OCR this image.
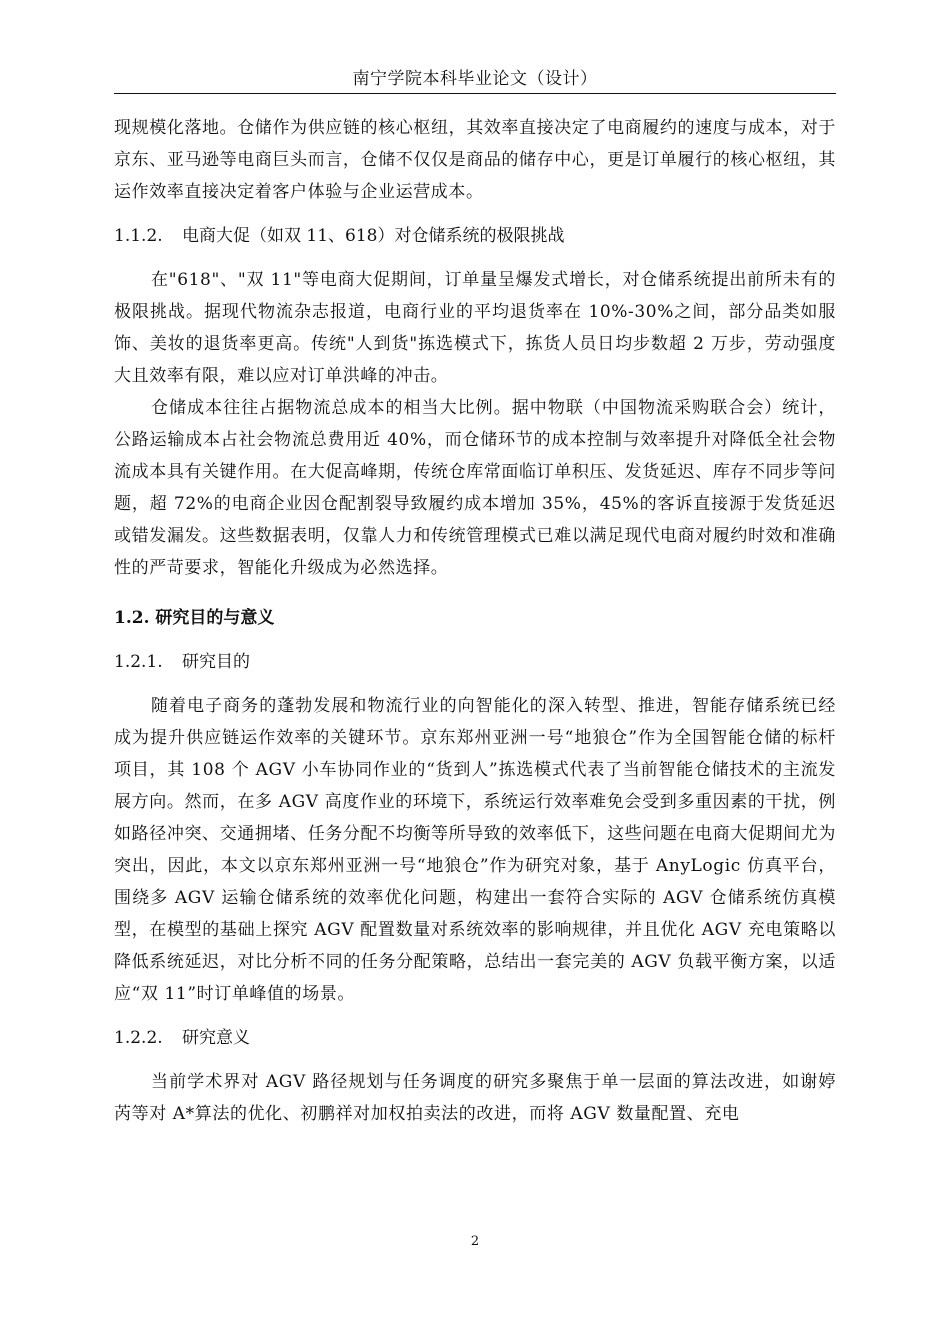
南宁学院本科毕业论文（设计）

现规模化落地。仓储作为供应链的核心枢纽，其效率直接决定了电商履约的速度与成本，对于京东、亚马逊等电商巨头而言，仓储不仅仅是商品的储存中心，更是订单履行的核心枢纽，其运作效率直接决定着客户体验与企业运营成本。

1.1.2.	电商大促（如双 11、618）对仓储系统的极限挑战

在"618"、"双 11"等电商大促期间，订单量呈爆发式增长，对仓储系统提出前所未有的极限挑战。据现代物流杂志报道，电商行业的平均退货率在 10%-30%之间，部分品类如服饰、美妆的退货率更高。传统"人到货"拣选模式下，拣货人员日均步数超 2 万步，劳动强度大且效率有限，难以应对订单洪峰的冲击。

仓储成本往往占据物流总成本的相当大比例。据中物联（中国物流采购联合会）统计，公路运输成本占社会物流总费用近 40%，而仓储环节的成本控制与效率提升对降低全社会物流成本具有关键作用。在大促高峰期，传统仓库常面临订单积压、发货延迟、库存不同步等问题，超 72%的电商企业因仓配割裂导致履约成本增加 35%，45%的客诉直接源于发货延迟或错发漏发。这些数据表明，仅靠人力和传统管理模式已难以满足现代电商对履约时效和准确性的严苛要求，智能化升级成为必然选择。

1.2. 研究目的与意义
1.2.1.	研究目的

随着电子商务的蓬勃发展和物流行业的向智能化的深入转型、推进，智能存储系统已经成为提升供应链运作效率的关键环节。京东郑州亚洲一号“地狼仓”作为全国智能仓储的标杆项目，其 108 个 AGV 小车协同作业的“货到人”拣选模式代表了当前智能仓储技术的主流发展方向。然而，在多 AGV 高度作业的环境下，系统运行效率难免会受到多重因素的干扰，例如路径冲突、交通拥堵、任务分配不均衡等所导致的效率低下，这些问题在电商大促期间尤为突出，因此，本文以京东郑州亚洲一号“地狼仓”作为研究对象，基于 AnyLogic 仿真平台，围绕多 AGV 运输仓储系统的效率优化问题，构建出一套符合实际的 AGV 仓储系统仿真模型，在模型的基础上探究 AGV 配置数量对系统效率的影响规律，并且优化 AGV 充电策略以降低系统延迟，对比分析不同的任务分配策略，总结出一套完美的 AGV 负载平衡方案，以适应“双 11”时订单峰值的场景。

1.2.2.	研究意义

当前学术界对 AGV 路径规划与任务调度的研究多聚焦于单一层面的算法改进，如谢婷芮等对 A*算法的优化、初鹏祥对加权拍卖法的改进，而将 AGV 数量配置、充电

2
